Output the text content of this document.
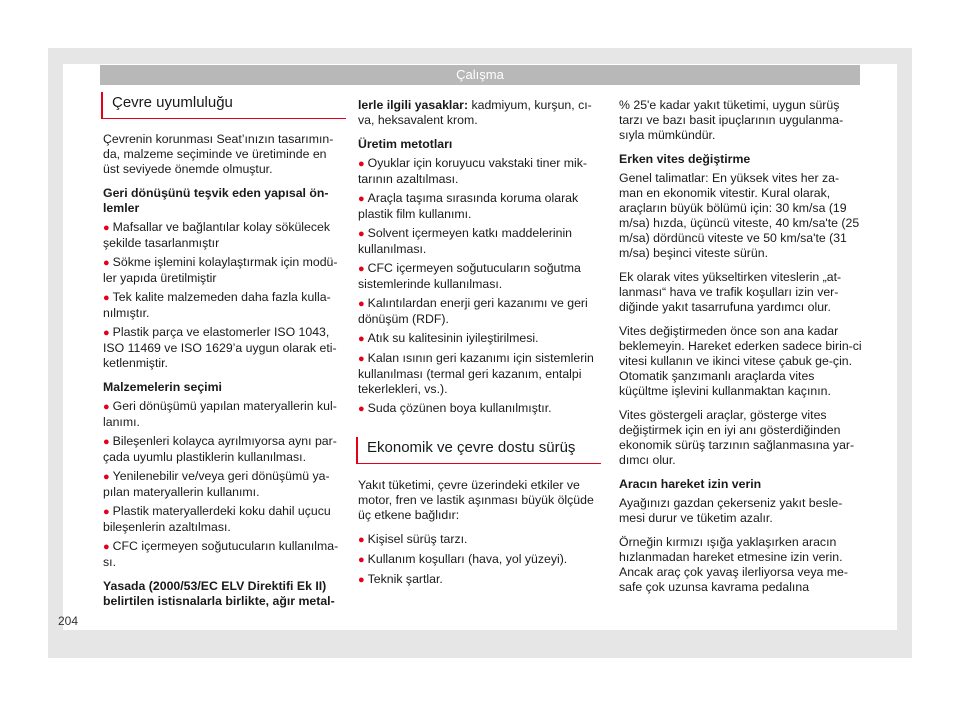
Çalışma
Çevre uyumluluğu

Çevrenin korunması Seat’ınızın tasarımın-da, malzeme seçiminde ve üretiminde en üst seviyede önemde olmuştur.

Geri dönüşünü teşvik eden yapısal ön-lemler

● Mafsallar ve bağlantılar kolay sökülecek şekilde tasarlanmıştır
● Sökme işlemini kolaylaştırmak için modü-ler yapıda üretilmiştir
● Tek kalite malzemeden daha fazla kulla-nılmıştır.
● Plastik parça ve elastomerler ISO 1043, ISO 11469 ve ISO 1629’a uygun olarak eti-ketlenmiştir.

Malzemelerin seçimi

● Geri dönüşümü yapılan materyallerin kul-lanımı.
● Bileşenleri kolayca ayrılmıyorsa aynı par-çada uyumlu plastiklerin kullanılması.
● Yenilenebilir ve/veya geri dönüşümü ya-pılan materyallerin kullanımı.
● Plastik materyallerdeki koku dahil uçucu bileşenlerin azaltılması.
● CFC içermeyen soğutucuların kullanılma-sı.

Yasada (2000/53/EC ELV Direktifi Ek II) belirtilen istisnalarla birlikte, ağır metal-

lerle ilgili yasaklar: kadmiyum, kurşun, cı-va, heksavalent krom.

Üretim metotları

● Oyuklar için koruyucu vakstaki tiner mik-tarının azaltılması.
● Araçla taşıma sırasında koruma olarak plastik film kullanımı.
● Solvent içermeyen katkı maddelerinin kullanılması.
● CFC içermeyen soğutucuların soğutma sistemlerinde kullanılması.
● Kalıntılardan enerji geri kazanımı ve geri dönüşüm (RDF).
● Atık su kalitesinin iyileştirilmesi.
● Kalan ısının geri kazanımı için sistemlerin kullanılması (termal geri kazanım, entalpi tekerlekleri, vs.).
● Suda çözünen boya kullanılmıştır.
Ekonomik ve çevre dostu sürüş

Yakıt tüketimi, çevre üzerindeki etkiler ve motor, fren ve lastik aşınması büyük ölçüde üç etkene bağlıdır:

● Kişisel sürüş tarzı.
● Kullanım koşulları (hava, yol yüzeyi).
● Teknik şartlar.

% 25'e kadar yakıt tüketimi, uygun sürüş tarzı ve bazı basit ipuçlarının uygulanma-sıyla mümkündür.

Erken vites değiştirme

Genel talimatlar: En yüksek vites her za-man en ekonomik vitestir. Kural olarak, araçların büyük bölümü için: 30 km/sa (19 m/sa) hızda, üçüncü viteste, 40 km/sa'te (25 m/sa) dördüncü viteste ve 50 km/sa'te (31 m/sa) beşinci viteste sürün.

Ek olarak vites yükseltirken viteslerin „at-lanması“ hava ve trafik koşulları izin ver-diğinde yakıt tasarrufuna yardımcı olur.

Vites değiştirmeden önce son ana kadar beklemeyin. Hareket ederken sadece birin-ci vitesi kullanın ve ikinci vitese çabuk ge-çin. Otomatik şanzımanlı araçlarda vites küçültme işlevini kullanmaktan kaçının.

Vites göstergeli araçlar, gösterge vites değiştirmek için en iyi anı gösterdiğinden ekonomik sürüş tarzının sağlanmasına yar-dımcı olur.

Aracın hareket izin verin

Ayağınızı gazdan çekerseniz yakıt besle-mesi durur ve tüketim azalır.

Örneğin kırmızı ışığa yaklaşırken aracın hızlanmadan hareket etmesine izin verin. Ancak araç çok yavaş ilerliyorsa veya me-safe çok uzunsa kavrama pedalına

204
